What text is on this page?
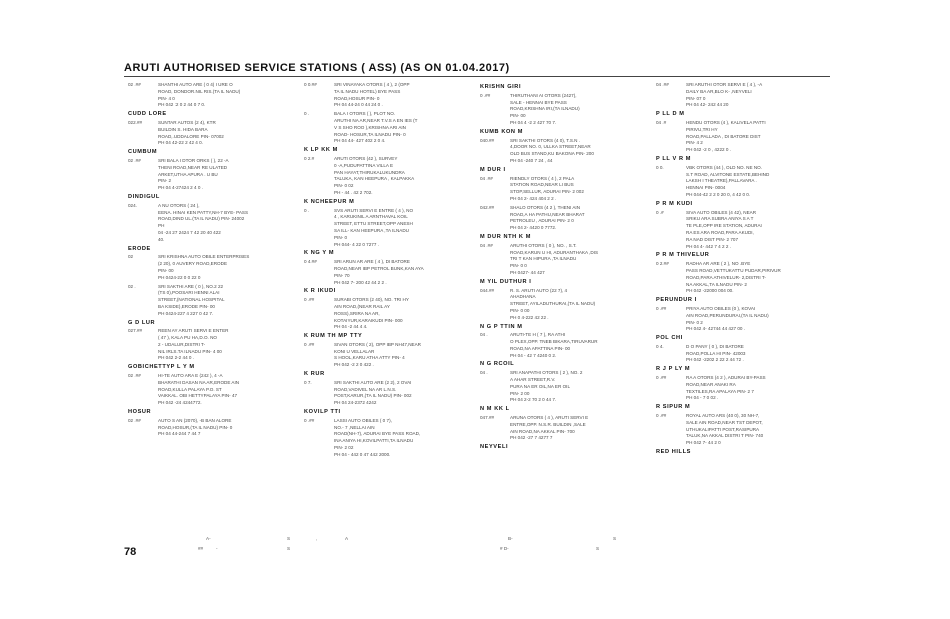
ARUTI AUTHORISED SERVICE STATIONS ( ASS) (AS ON 01.04.2017)
02 .##	SHANTHI AUTO ARE ( 0 4) I URE O
ROAD, DONDOR.NIL RIS.(TA IL NADU)
PIN- 4 0
PH 042 :2 0 2 44 0 7 0.
CUDD LORE
022.##	SUNTAR AUTOS (2 4), KTR
BUILDIN S. HIDA BARA
ROAD,.UDDALORE PIN- 07002
PH 04 42-22 2 42 4 0.
CUMBUM
02 .##	SRI BALA I DTOR ORKS ( ), 22 -A
THENI ROAD,NEAR RE ULATED
ARKET,UTHA APURA . U BU
PIN- 2
PH 04 4-27424 2 4 0 .
DINDIGUL
024.	A NU OTORS ( 24 ),
EENA. HINAI KEN PATTY,NH-7 BYE- PASS
ROAD,DIND UL.(TA IL NADU) PIN- 24002
PH
04 -24 27 2424 7 42 20 40 422
40.
ERODE
02	SRI KRISHNA AUTO OBILE ENTERPRISES
(2 20), 0 AUVERY ROAD,ERODE
PIN- 00
PH 0424-22 0 0 22 0
02 .	SRI SAKTHI ARE ( 0 ), NO.2 22
(TS 0),POOSARI HENNI ALAI
STREET,(NATIONAL HOSPITAL
BA KSIDE),ERODE PIN- 00
PH 0424-227 4 227 0 42 7.
G D LUR
027.##	REEN AY ARUTI SERVI E ENTER
( 47 ), KALA PU HA,D.O. NO
2 - UDALUR,DISTRI T-
NIL IRLS.TA ILNADU PIN- 4 00
PH 042 2-2 44 0 .
GOBICHETTYP L Y M
02 .##	HI-TE AUTO ARA E (242 ), 4 -A
BHARATHI DASAN NA AR,ERODE AIN
ROAD,KULLA PALAYA P.O. ST
VAIKKAL. OBI HETTYPALAYA PIN- 47
PH 042 -24 4244772.
HOSUR
02 .##	AUTO S AN (2070), -B BAN ALORE
ROAD,HOSUR,(TA IL NADU) PIN- 0
PH 04 44-244 7 44 7
0 0.##	SRI VINAYAKA OTORS ( 4 ), 2 (OPP
TA IL NADU HOTEL) BYE PASS
ROAD,HOSUR PIN- 0
PH 04 44-24 0 44 24 0 .
0 .	BALA I OTORS ( ), PLOT NO.
ARUTHI NA AR,NEAR T.V.S A EN IES (T
V S SHO ROO ),KRISHNA ARI AIN
ROAD- HOSUR,TA ILNADU PIN- 0
PH 04 44- 427 402 2 0 4.
K LP KK M
0 2.#	ARUTI OTORS (42 ), SURVEY
0 -A,PUDUPATTINA VILLA E
PAN HAYAT,THIRUKALUKUNDRA
TALUKA, KAN HEEPURA , KALPAKKA
PIN- 0 02
PH - 44 . 42 2 702.
K NCHEEPUR M
0 .	SVS ARUTI SERVI E ENTRE ( 4 ), NO
4 , KARUKINIL A ARNTHAVAL KOIL
STREET, ETTU STREET,OPP ANESH
SA ILL- KAN HEEPURA ,TA ILNADU
PIN- 0
PH 044- 4 22 0 7277 .
K NG Y M
0 4.##	SRI ARUN AR ARE ( 4 ), DI BATORE
ROAD,NEAR IBP PETROL BUNK,KAN AYA
PIN- 70
PH 042 7- 200 42 44 2 2 .
K R IKUDI
0 .##	SURABI OTORS (2 40), NO. TRI HY
AIN ROAD,(NEAR RAIL AY
ROSS),SRIRA NA AR,
KOTAIYUR,KARAIKUDI PIN- 000
PH 04 -2 44 4 4.
K RUM TH MP TTY
0 .##	SIVAN OTORS ( 2), OPP IBP NH47,NEAR
KONI U VELLALAR
S HOOL,KARU ATHA ATTY PIN- 4
PH 042 -2 2 0 422 .
K RUR
0 7.	SRI SAKTHI AUTO ARE (2 2), 2 OVAI
ROAD,VADIVEL NA AR L.N.S.
POST,KARUR,(TA IL NADU) PIN- 002
PH 04 24-2372 4242
KOVILP TTI
0 .##	LASSI AUTO OBILES ( 0 7),
NO.- 7 ,NELLAI AIN
ROAD(NH-7), ADURAI BYE PASS ROAD,
INA ANIYA HI,KOVILPATTI,TA ILNADU
PIN- 2 02
PH 04 - 442 0 47 442 2000.
KRISHN GIRI
0 .##	THIRUTHANI AI OTORS (2427),
SALE - HENNAI BYE PASS
ROAD,KRISHNA IRI,(TA ILNADU)
PIN- 00
PH 04 4 -2 2 427 70 7.
KUMB KON M
040.##	SRI SAKTHI OTORS (4 0), T.S.N .
4,DOOR NO. 0, ULLKA STREET,NEAR
OLD BUS STAND,KU BAKONA PIN- 200
PH 04 -240 7 24 , 44
M DUR I
04 .##	RIENDLY OTORS ( 4 ), 2 PALA
STATION ROAD,NEAR LI BUS
STOP,SELLUR, ADURAI PIN- 2 002
PH 04 2- 424 404 2 2 .
042.##	SHALO OTORS (4 2 ), THENI AIN
ROAD,A HA PATHU,NEAR BHARAT
PETROLEU , ADURAI PIN- 2 0
PH 04 2- 4420 0 7772.
M DUR NTH K M
04 .##	ARUTHI OTORS ( 0 ), NO. , S.T.
ROAD,KARUN U HI, ADURANTHAKA ,DIS
TRI T KAN HIPURA ,TA ILNADU
PIN- 0 0
PH 0427- 44 427
M YIL DUTHUR I
044.##	R. S. ARUTI AUTO (22 7), 4
AHADHANA
STREET, AYILADUTHURAI,(TA IL NADU)
PIN- 0 00
PH 0 4-222 42 22 .
N G P TTIN M
04 .	ARUTI-TE H ( 7 ), RA ATHI
O PLEX,OPP. TNEB BIKARA,TIRUVARUR
ROAD,NA APATTINA PIN- 00
PH 04 - 42 7 4240 0 2.
N G RCOIL
04 .	SRI ANAPATHI OTORS ( 2 ), NO. 2
A AHAR STREET,R.V.
PURA NA ER OIL,NA ER OIL
PIN- 2 00
PH 04 2-2 70 2 0 44 7.
N M KK L
047.##	ARUNA OTORS ( 4 ), ARUTI SERVI E
ENTRE,OPP. N.S.R. BUILDIN ,SALE
AIN ROAD,NA AKKAL PIN- 700
PH 042 -27 7 4277 7
NEYVELI
04 .##	SRI ARUTHI OTOR SERVI E ( 4 ), -A
DAILY BA AR,BLO K- ,NEYVELI
PIN- 07 0
PH 04 42- 242 44 20
P LL D M
04 .#	HENDU OTORS (4 ), KALIVELA PATTI
PIRIVU,TRI HY
ROAD,PALLADA , DI BATORE DIST
PIN- 4 2
PH 042 -2 0 , 4222 0 .
P LL V R M
0 0.	VBK OTORS (44 ), OLD NO. NE NO.
S.T ROAD, ALVITONE ESTATE,BEHIND
LAKSH I THEATRE),PALLAVARA .
HENNAI PIN- 0004
PH 044-42 2 2 0 20 0, 4 42 0 0.
P R M KUDI
0 .#	SIVA AUTO OBILES (4 42), NEAR
SRIKU ARA SUBRA ANIYA S A T
TE PLE,OPP IRE STATION, ADURAI
RA ES ARA ROAD,PARA AKUDI,
RA NAD DIST PIN- 2 707
PH 04 4- 442 7 4 2 2 .
P R M THIVELUR
0 2.##	RADHA AR ARE ( 2 ), NO .BYE
PASS ROAD,VETTUKATTU PUDAR,PIRIVUR
ROAD,PARA ATHIVELUR- 2,DISTRI T-
NA AKKAL,TA ILNADU PIN- 2
PH 042 -22000 004 00.
PERUNDUR I
0 .##	PRIYA AUTO OBILES (0 ), KOVAI
AIN ROAD,PERUNDURAI,(TA IL NADU)
PIN- 0 2
PH 042 4- 42744 44 427 00 .
POL CHI
0 4.	D O PANY ( 0 ), DI BATORE
ROAD,POLLA HI PIN- 42003
PH 042 -2202 2 22 2 44 72 .
R J P LY M
0 .##	RA A OTORS (4 2 ), ADURAI BY-PASS
ROAD,NEAR ANAKI RA
TEXTILES,RA APALAYA PIN- 2 7
PH 04 - 7 0 02 .
R SIPUR M
0 .##	ROYAL AUTO ARS (40 0), 30 NH-7,
SALE AIN ROAD,NEAR TST DEPOT,
UTHUKALIPATTI POST,RASIPURA
TALUK,NA AKKAL DISTRI T PIN- 740
PH 042 7- 44 2 0
RED HILLS
78
A-	S	,	A
##	-	S
B-	S
# D-	S
